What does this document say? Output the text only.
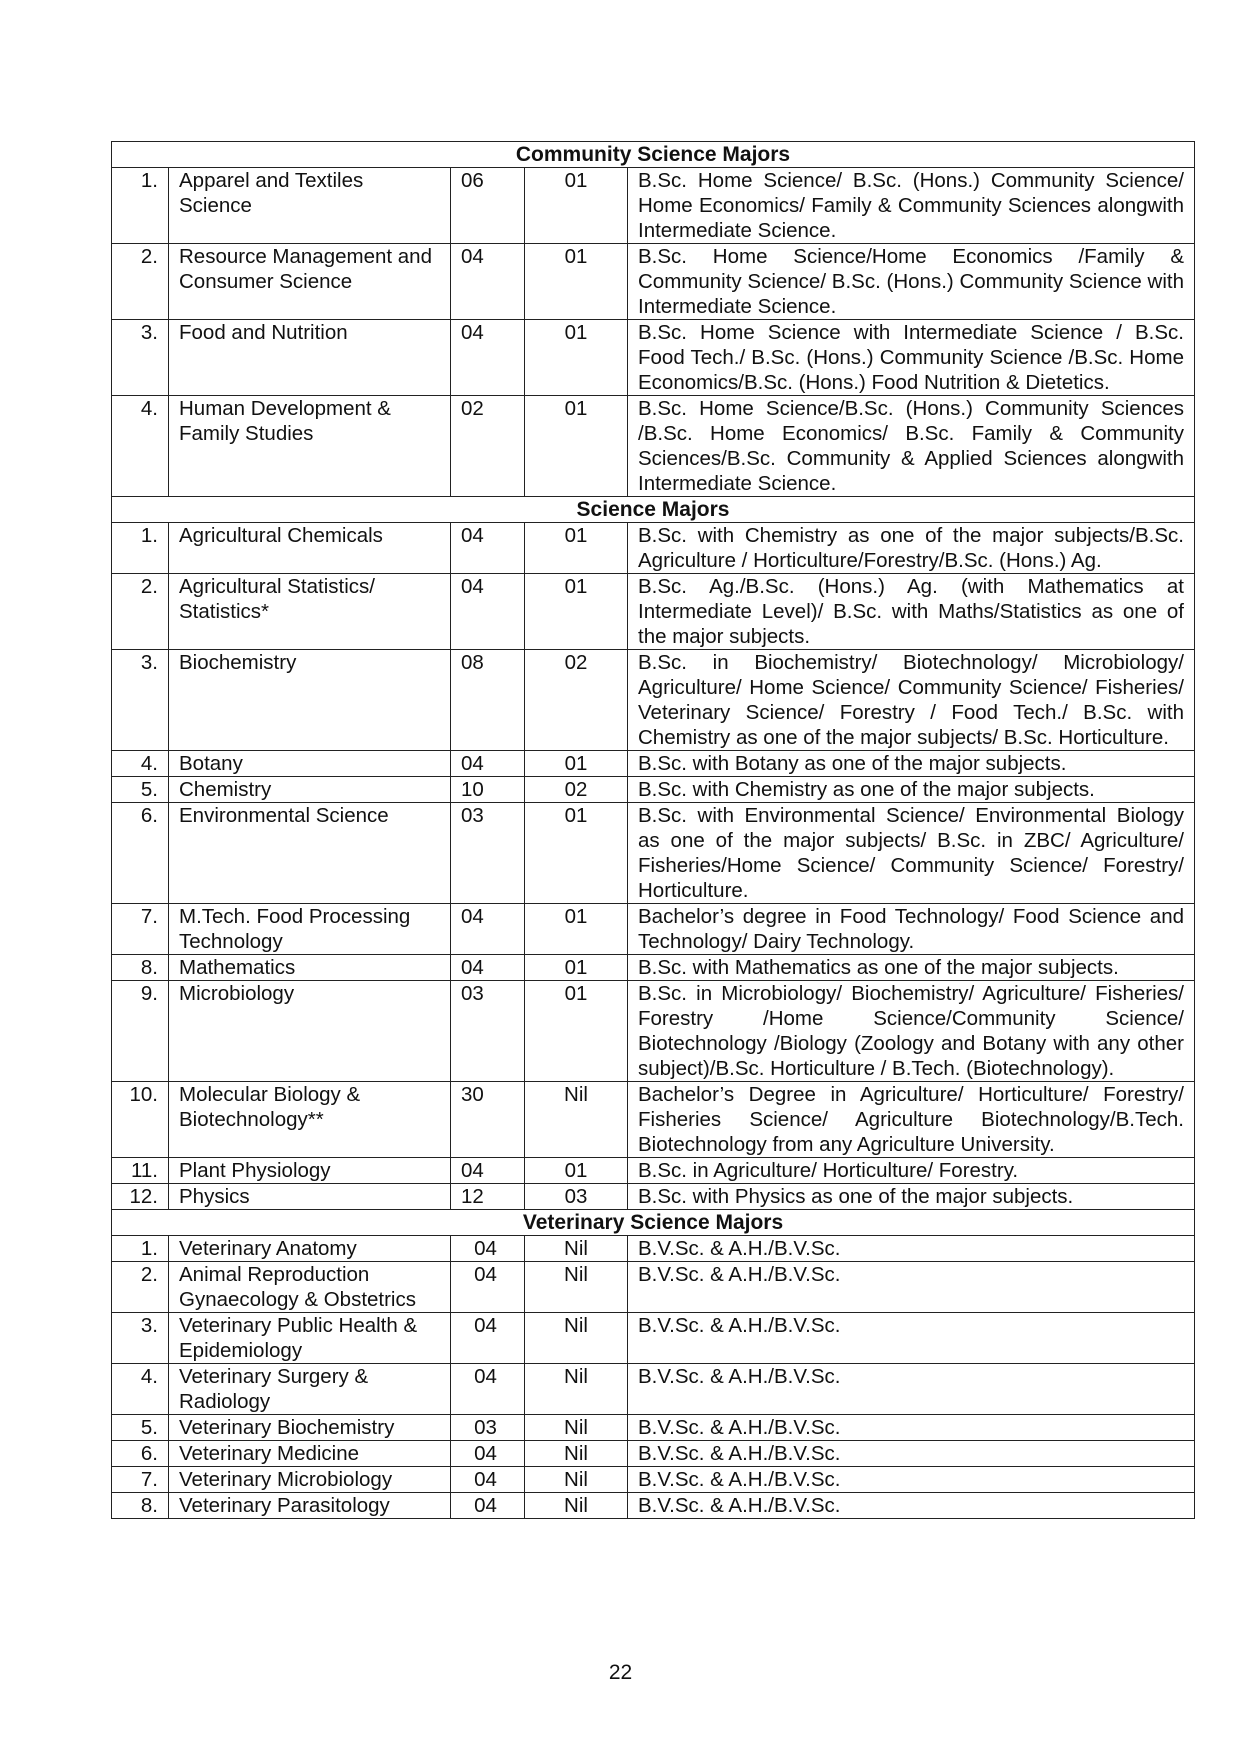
Community Science Majors				
1.	Apparel and Textiles Science	06	01	B.Sc. Home Science/ B.Sc. (Hons.) Community Science/ Home Economics/ Family & Community Sciences alongwith Intermediate Science.
2.	Resource Management and Consumer Science	04	01	B.Sc. Home Science/Home Economics /Family & Community Science/ B.Sc. (Hons.) Community Science with Intermediate Science.
3.	Food and Nutrition	04	01	B.Sc. Home Science with Intermediate Science / B.Sc. Food Tech./ B.Sc. (Hons.) Community Science /B.Sc. Home Economics/B.Sc. (Hons.) Food Nutrition & Dietetics.
4.	Human Development & Family Studies	02	01	B.Sc. Home Science/B.Sc. (Hons.) Community Sciences /B.Sc. Home Economics/ B.Sc. Family & Community Sciences/B.Sc. Community & Applied Sciences alongwith Intermediate Science.
Science Majors				
1.	Agricultural Chemicals	04	01	B.Sc. with Chemistry as one of the major subjects/B.Sc. Agriculture / Horticulture/Forestry/B.Sc. (Hons.) Ag.
2.	Agricultural Statistics/ Statistics*	04	01	B.Sc. Ag./B.Sc. (Hons.) Ag. (with Mathematics at Intermediate Level)/ B.Sc. with Maths/Statistics as one of the major subjects.
3.	Biochemistry	08	02	B.Sc. in Biochemistry/ Biotechnology/ Microbiology/ Agriculture/ Home Science/ Community Science/ Fisheries/ Veterinary Science/ Forestry / Food Tech./ B.Sc. with Chemistry as one of the major subjects/ B.Sc. Horticulture.
4.	Botany	04	01	B.Sc. with Botany as one of the major subjects.
5.	Chemistry	10	02	B.Sc. with Chemistry as one of the major subjects.
6.	Environmental Science	03	01	B.Sc. with Environmental Science/ Environmental Biology as one of the major subjects/ B.Sc. in ZBC/ Agriculture/ Fisheries/Home Science/ Community Science/ Forestry/ Horticulture.
7.	M.Tech. Food Processing Technology	04	01	Bachelor’s degree in Food Technology/ Food Science and Technology/ Dairy Technology.
8.	Mathematics	04	01	B.Sc. with Mathematics as one of the major subjects.
9.	Microbiology	03	01	B.Sc. in Microbiology/ Biochemistry/ Agriculture/ Fisheries/ Forestry /Home Science/Community Science/ Biotechnology /Biology (Zoology and Botany with any other subject)/B.Sc. Horticulture / B.Tech. (Biotechnology).
10.	Molecular Biology & Biotechnology**	30	Nil	Bachelor’s Degree in Agriculture/ Horticulture/ Forestry/ Fisheries Science/ Agriculture Biotechnology/B.Tech. Biotechnology from any Agriculture University.
11.	Plant Physiology	04	01	B.Sc. in Agriculture/ Horticulture/ Forestry.
12.	Physics	12	03	B.Sc. with Physics as one of the major subjects.
Veterinary Science Majors				
1.	Veterinary Anatomy	04	Nil	B.V.Sc. & A.H./B.V.Sc.
2.	Animal Reproduction Gynaecology & Obstetrics	04	Nil	B.V.Sc. & A.H./B.V.Sc.
3.	Veterinary Public Health & Epidemiology	04	Nil	B.V.Sc. & A.H./B.V.Sc.
4.	Veterinary Surgery & Radiology	04	Nil	B.V.Sc. & A.H./B.V.Sc.
5.	Veterinary Biochemistry	03	Nil	B.V.Sc. & A.H./B.V.Sc.
6.	Veterinary Medicine	04	Nil	B.V.Sc. & A.H./B.V.Sc.
7.	Veterinary Microbiology	04	Nil	B.V.Sc. & A.H./B.V.Sc.
8.	Veterinary Parasitology	04	Nil	B.V.Sc. & A.H./B.V.Sc.
22
